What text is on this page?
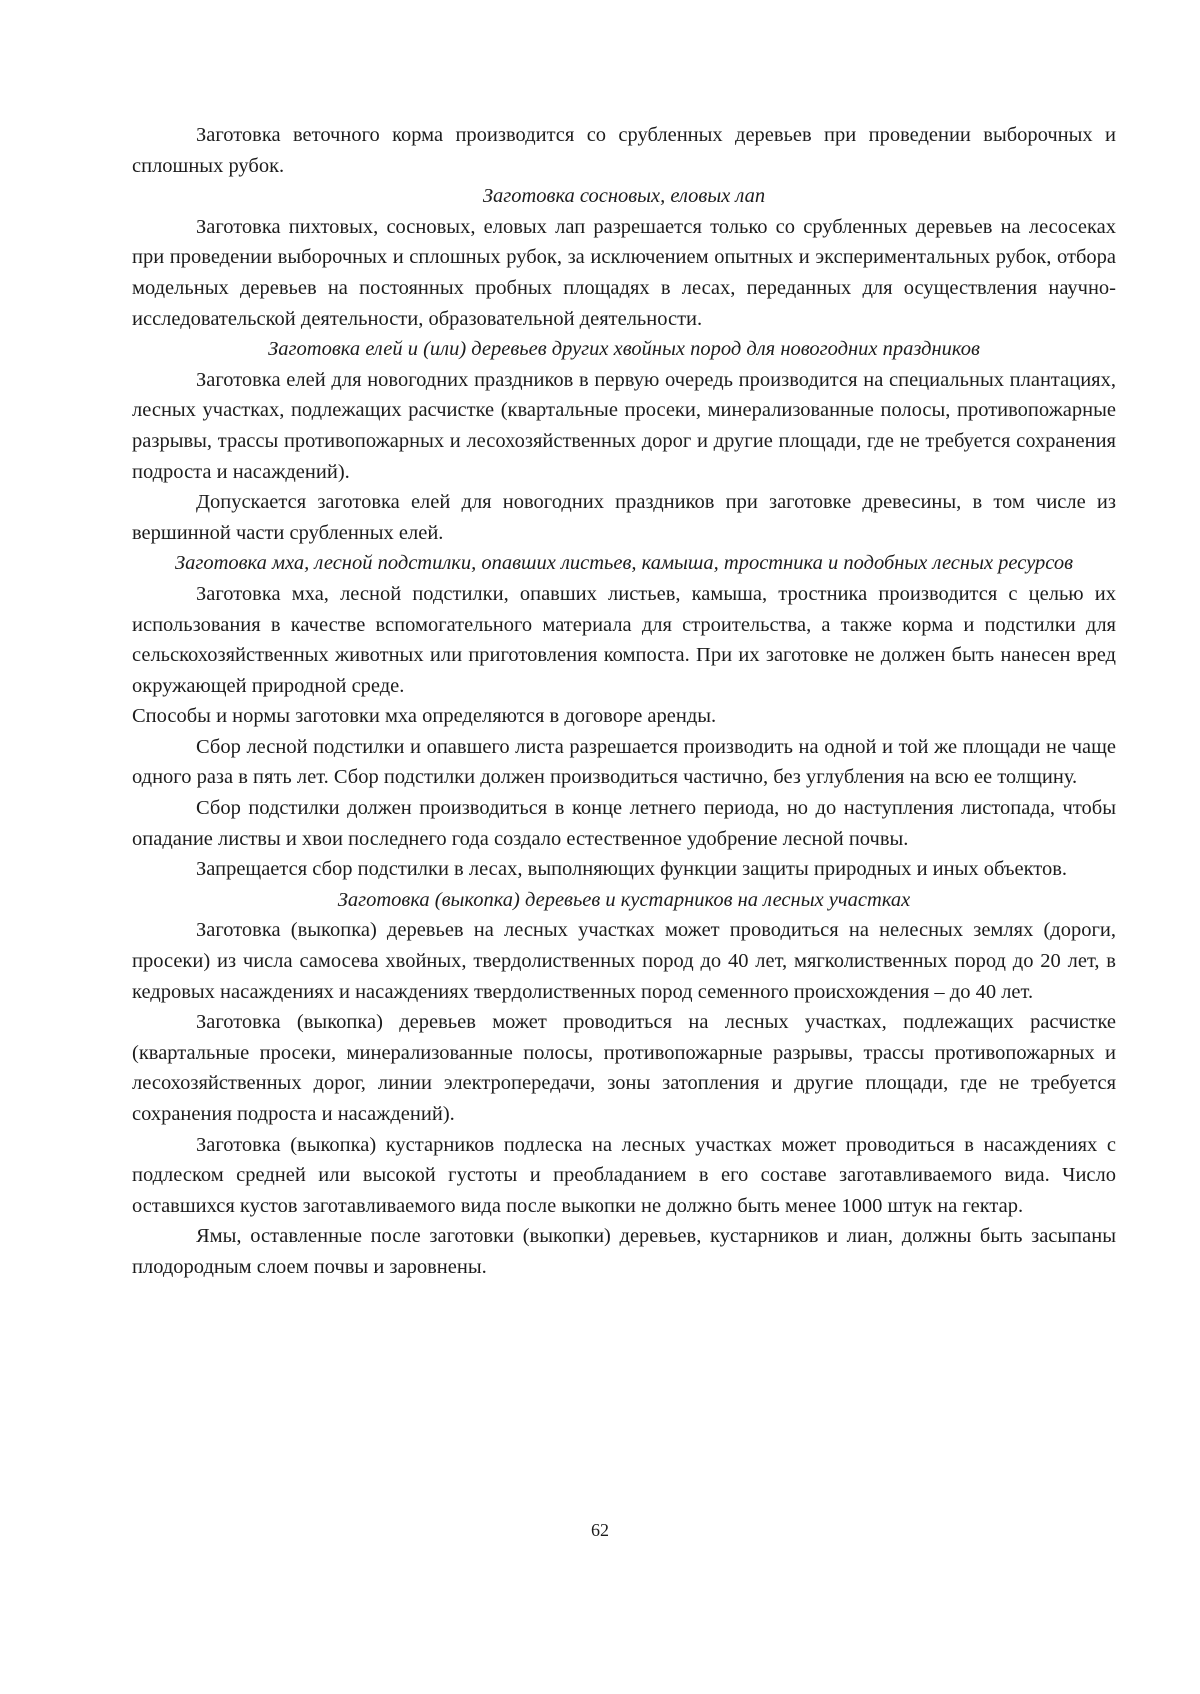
Заготовка веточного корма производится со срубленных деревьев при проведении выборочных и сплошных рубок.

Заготовка сосновых, еловых лап

Заготовка пихтовых, сосновых, еловых лап разрешается только со срубленных деревьев на лесосеках при проведении выборочных и сплошных рубок, за исключением опытных и экспериментальных рубок, отбора модельных деревьев на постоянных пробных площадях в лесах, переданных для осуществления научно-исследовательской деятельности, образовательной деятельности.

Заготовка елей и (или) деревьев других хвойных пород для новогодних праздников

Заготовка елей для новогодних праздников в первую очередь производится на специальных плантациях, лесных участках, подлежащих расчистке (квартальные просеки, минерализованные полосы, противопожарные разрывы, трассы противопожарных и лесохозяйственных дорог и другие площади, где не требуется сохранения подроста и насаждений).

Допускается заготовка елей для новогодних праздников при заготовке древесины, в том числе из вершинной части срубленных елей.

Заготовка мха, лесной подстилки, опавших листьев, камыша, тростника и подобных лесных ресурсов

Заготовка мха, лесной подстилки, опавших листьев, камыша, тростника производится с целью их использования в качестве вспомогательного материала для строительства, а также корма и подстилки для сельскохозяйственных животных или приготовления компоста. При их заготовке не должен быть нанесен вред окружающей природной среде.

Способы и нормы заготовки мха определяются в договоре аренды.

Сбор лесной подстилки и опавшего листа разрешается производить на одной и той же площади не чаще одного раза в пять лет. Сбор подстилки должен производиться частично, без углубления на всю ее толщину.

Сбор подстилки должен производиться в конце летнего периода, но до наступления листопада, чтобы опадание листвы и хвои последнего года создало естественное удобрение лесной почвы.

Запрещается сбор подстилки в лесах, выполняющих функции защиты природных и иных объектов.

Заготовка (выкопка) деревьев и кустарников на лесных участках

Заготовка (выкопка) деревьев на лесных участках может проводиться на нелесных землях (дороги, просеки) из числа самосева хвойных, твердолиственных пород до 40 лет, мягколиственных пород до 20 лет, в кедровых насаждениях и насаждениях твердолиственных пород семенного происхождения – до 40 лет.

Заготовка (выкопка) деревьев может проводиться на лесных участках, подлежащих расчистке (квартальные просеки, минерализованные полосы, противопожарные разрывы, трассы противопожарных и лесохозяйственных дорог, линии электропередачи, зоны затопления и другие площади, где не требуется сохранения подроста и насаждений).

Заготовка (выкопка) кустарников подлеска на лесных участках может проводиться в насаждениях с подлеском средней или высокой густоты и преобладанием в его составе заготавливаемого вида. Число оставшихся кустов заготавливаемого вида после выкопки не должно быть менее 1000 штук на гектар.

Ямы, оставленные после заготовки (выкопки) деревьев, кустарников и лиан, должны быть засыпаны плодородным слоем почвы и заровнены.

62
